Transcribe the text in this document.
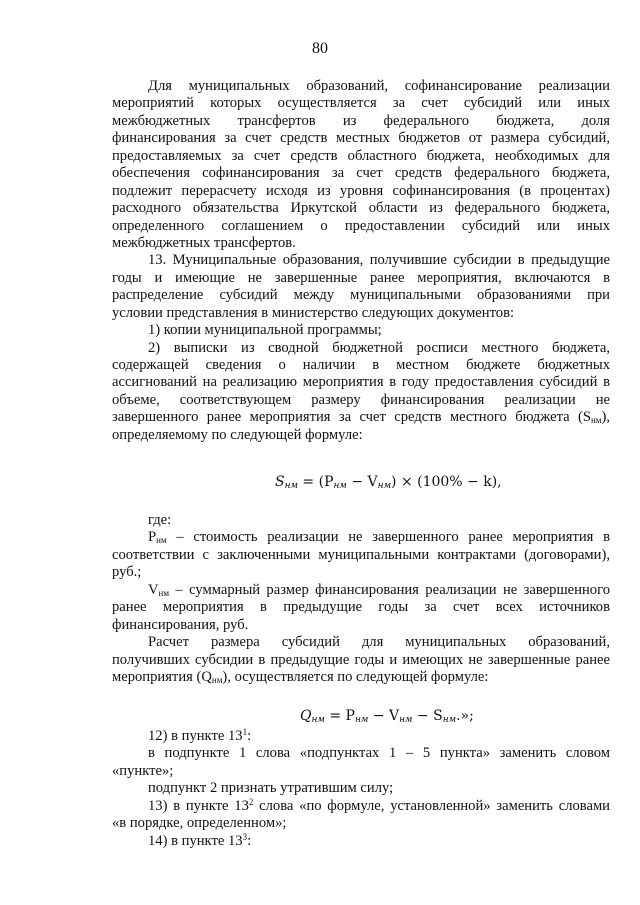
80
Для муниципальных образований, софинансирование реализации
мероприятий которых осуществляется за счет субсидий или иных
межбюджетных трансфертов из федерального бюджета, доля
финансирования за счет средств местных бюджетов от размера субсидий,
предоставляемых за счет средств областного бюджета, необходимых для
обеспечения софинансирования за счет средств федерального бюджета,
подлежит перерасчету исходя из уровня софинансирования (в процентах)
расходного обязательства Иркутской области из федерального бюджета,
определенного соглашением о предоставлении субсидий или иных
межбюджетных трансфертов.
13. Муниципальные образования, получившие субсидии в предыдущие
годы и имеющие не завершенные ранее мероприятия, включаются в
распределение субсидий между муниципальными образованиями при
условии представления в министерство следующих документов:
1) копии муниципальной программы;
2) выписки из сводной бюджетной росписи местного бюджета,
содержащей сведения о наличии в местном бюджете бюджетных
ассигнований на реализацию мероприятия в году предоставления субсидий в
объеме, соответствующем размеру финансирования реализации не
завершенного ранее мероприятия за счет средств местного бюджета $(S_{нм})$,
определяемому по следующей формуле:
$S_{нм} = (P_{нм} - V_{нм}) \times (100\% - k)$,
где:
$P_{нм}$ – стоимость реализации не завершенного ранее мероприятия в
соответствии с заключенными муниципальными контрактами (договорами),
руб.;
$V_{нм}$ – суммарный размер финансирования реализации не завершенного
ранее мероприятия в предыдущие годы за счет всех источников
финансирования, руб.
Расчет размера субсидий для муниципальных образований,
получивших субсидии в предыдущие годы и имеющих не завершенные ранее
мероприятия $(Q_{нм})$, осуществляется по следующей формуле:
$Q_{нм} = P_{нм} - V_{нм} - S_{нм}$.»;
12) в пункте $13^1$:
в подпункте 1 слова «подпунктах 1 – 5 пункта» заменить словом
«пункте»;
подпункт 2 признать утратившим силу;
13) в пункте $13^2$ слова «по формуле, установленной» заменить словами
«в порядке, определенном»;
14) в пункте $13^3$:
